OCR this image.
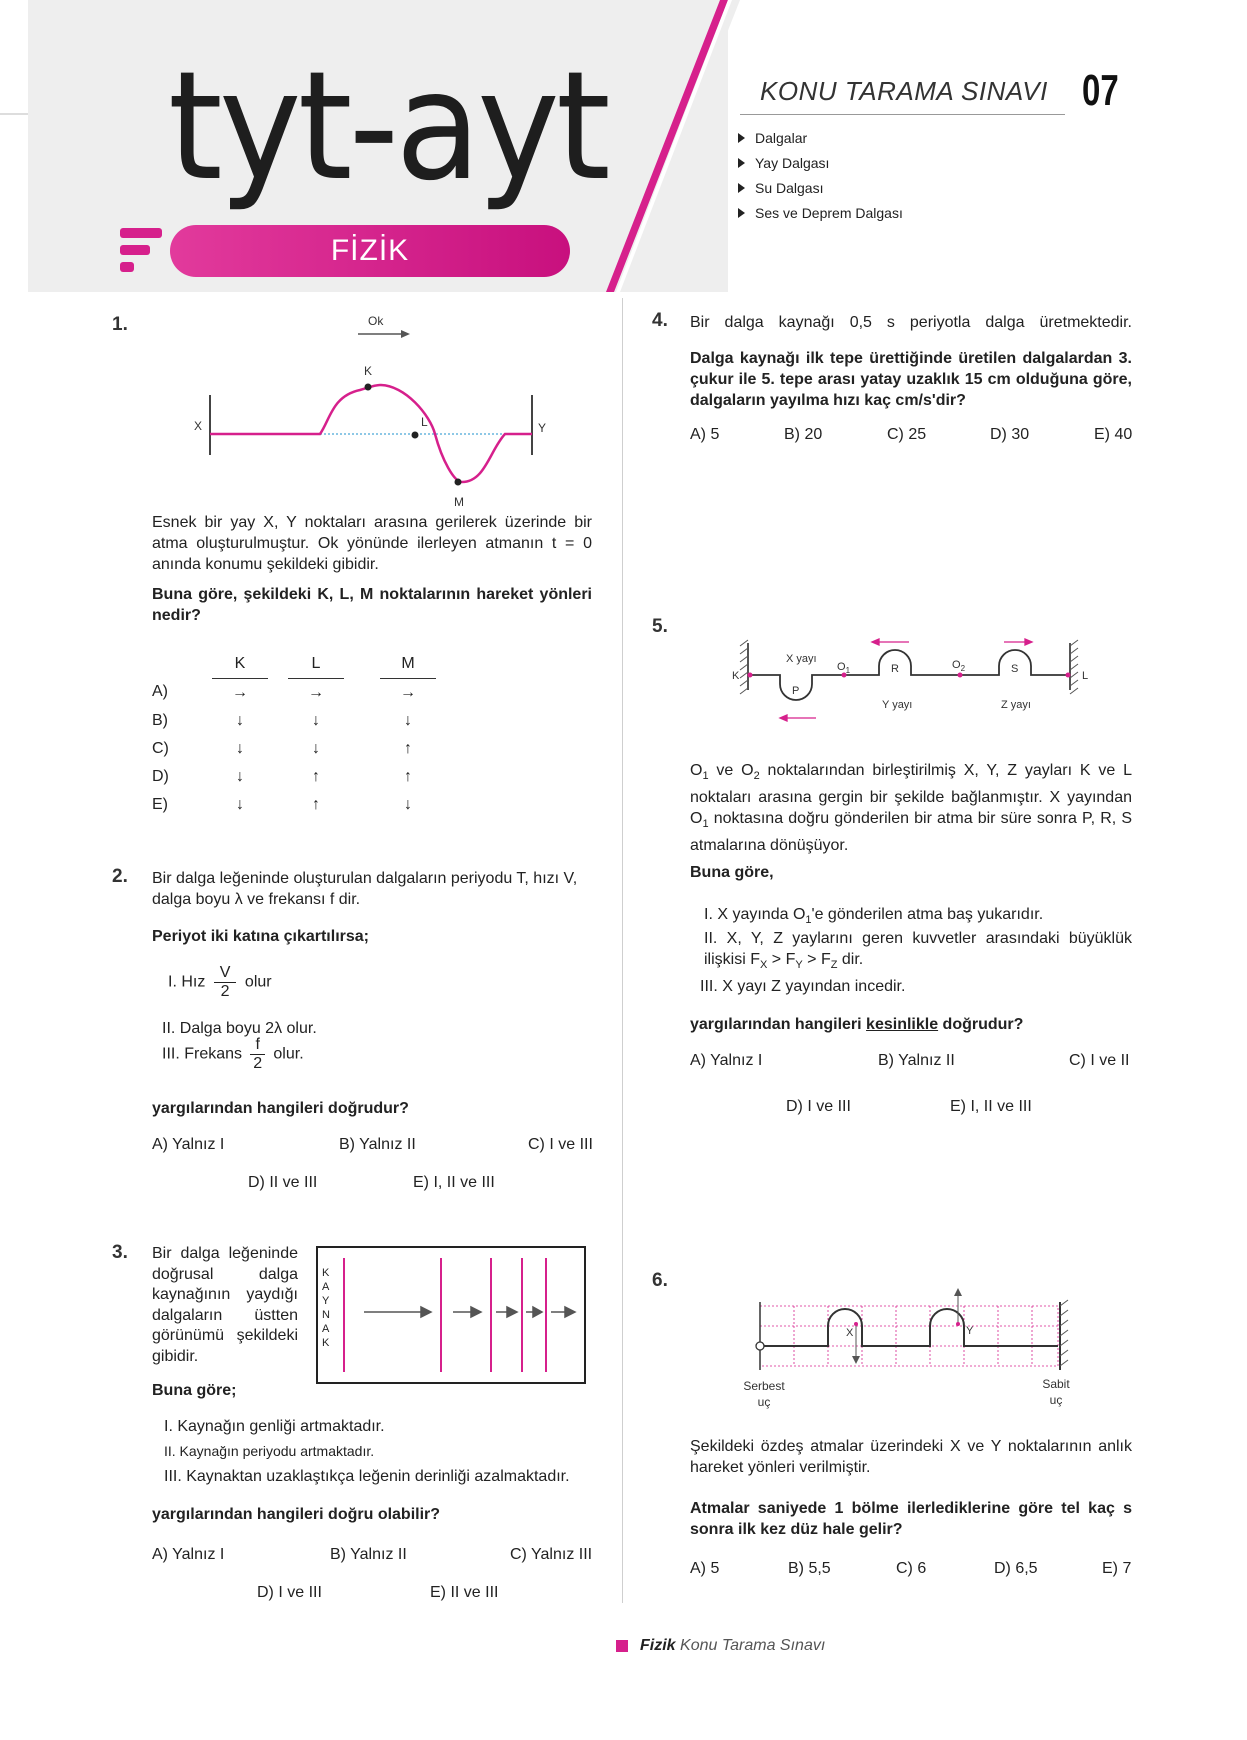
tyt-ayt
FİZİK
KONU TARAMA SINAVI 07
Dalgalar
Yay Dalgası
Su Dalgası
Ses ve Deprem Dalgası
1.	Ok
X	Y
K
L
M
Esnek bir yay X, Y noktaları arasına gerilerek üzerinde bir atma oluşturulmuştur. Ok yönünde ilerleyen atmanın t = 0 anında konumu şekildeki gibidir.
Buna göre, şekildeki K, L, M noktalarının hareket yönleri nedir?
	K		L		M
A)	→		→		→
B)	↓		↓		↓
C)	↓		↓		↑
D)	↓		↑		↑
E)	↓		↑		↓
2. Bir dalga leğeninde oluşturulan dalgaların periyodu T, hızı V, dalga boyu λ ve frekansı f dir.
Periyot iki katına çıkartılırsa;
I. Hız $\frac{V}{2}$ olur
II. Dalga boyu 2λ olur.
III. Frekans $\frac{f}{2}$ olur.
yargılarından hangileri doğrudur?
A) Yalnız I	B) Yalnız II	C) I ve III
D) II ve III	E) I, II ve III
3. Bir dalga leğeninde doğrusal dalga kaynağının yaydığı dalgaların üstten görünümü şekildeki gibidir.
KAYNAK
Buna göre;
I. Kaynağın genliği artmaktadır.
II. Kaynağın periyodu artmaktadır.
III. Kaynaktan uzaklaştıkça leğenin derinliği azalmaktadır.
yargılarından hangileri doğru olabilir?
A) Yalnız I	B) Yalnız II	C) Yalnız III
D) I ve III	E) II ve III
4. Bir dalga kaynağı 0,5 s periyotla dalga üretmektedir.
Dalga kaynağı ilk tepe ürettiğinde üretilen dalgalardan 3. çukur ile 5. tepe arası yatay uzaklık 15 cm olduğuna göre, dalgaların yayılma hızı kaç cm/s'dir?
A) 5	B) 20	C) 25	D) 30	E) 40
5.
K	L
X yayı
P
$O_1$	R
Y yayı
$O_2$	S
Z yayı
$O_1$ ve $O_2$ noktalarından birleştirilmiş X, Y, Z yayları K ve L noktaları arasına gergin bir şekilde bağlanmıştır. X yayından $O_1$ noktasına doğru gönderilen bir atma bir süre sonra P, R, S atmalarına dönüşüyor.
Buna göre,
I. X yayında $O_1'e$ gönderilen atma baş yukarıdır.
II. X, Y, Z yaylarını geren kuvvetler arasındaki büyüklük ilişkisi $F_X > F_Y > F_Z$ dir.
III. X yayı Z yayından incedir.
yargılarından hangileri kesinlikle doğrudur?
A) Yalnız I	B) Yalnız II	C) I ve II
D) I ve III	E) I, II ve III
6.
X	Y
Serbest uç
Sabit uç
Şekildeki özdeş atmalar üzerindeki X ve Y noktalarının anlık hareket yönleri verilmiştir.
Atmalar saniyede 1 bölme ilerlediklerine göre tel kaç s sonra ilk kez düz hale gelir?
A) 5	B) 5,5	C) 6	D) 6,5	E) 7
Fizik Konu Tarama Sınavı
